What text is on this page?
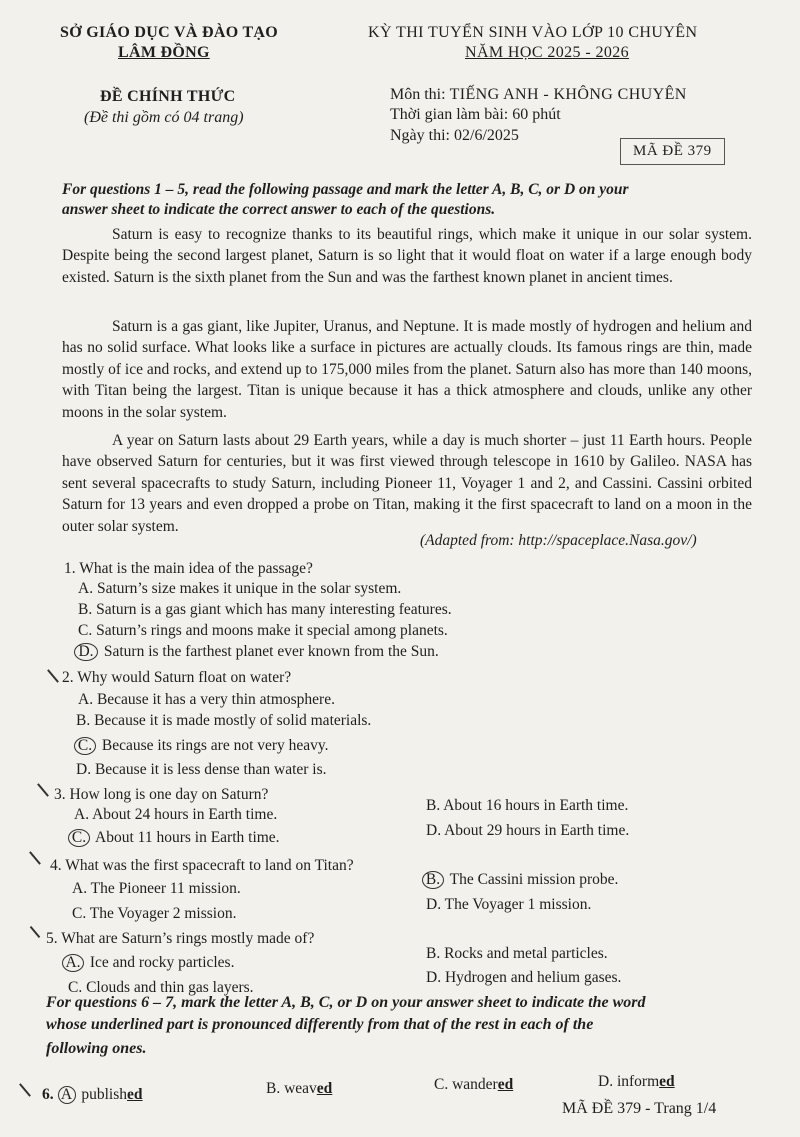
SỞ GIÁO DỤC VÀ ĐÀO TẠO
LÂM ĐỒNG
KỲ THI TUYỂN SINH VÀO LỚP 10 CHUYÊN
NĂM HỌC 2025 - 2026
ĐỀ CHÍNH THỨC
(Đề thi gồm có 04 trang)
Môn thi: TIẾNG ANH - KHÔNG CHUYÊN
Thời gian làm bài: 60 phút
Ngày thi: 02/6/2025
MÃ ĐỀ 379
For questions 1 – 5, read the following passage and mark the letter A, B, C, or D on your
answer sheet to indicate the correct answer to each of the questions.

Saturn is easy to recognize thanks to its beautiful rings, which make it unique in our solar system. Despite being the second largest planet, Saturn is so light that it would float on water if a large enough body existed. Saturn is the sixth planet from the Sun and was the farthest known planet in ancient times.

Saturn is a gas giant, like Jupiter, Uranus, and Neptune. It is made mostly of hydrogen and helium and has no solid surface. What looks like a surface in pictures are actually clouds. Its famous rings are thin, made mostly of ice and rocks, and extend up to 175,000 miles from the planet. Saturn also has more than 140 moons, with Titan being the largest. Titan is unique because it has a thick atmosphere and clouds, unlike any other moons in the solar system.

A year on Saturn lasts about 29 Earth years, while a day is much shorter – just 11 Earth hours. People have observed Saturn for centuries, but it was first viewed through telescope in 1610 by Galileo. NASA has sent several spacecrafts to study Saturn, including Pioneer 11, Voyager 1 and 2, and Cassini. Cassini orbited Saturn for 13 years and even dropped a probe on Titan, making it the first spacecraft to land on a moon in the outer solar system.

(Adapted from: http://spaceplace.Nasa.gov/)
1. What is the main idea of the passage?
A. Saturn’s size makes it unique in the solar system.
B. Saturn is a gas giant which has many interesting features.
C. Saturn’s rings and moons make it special among planets.
D. Saturn is the farthest planet ever known from the Sun.
2. Why would Saturn float on water?
A. Because it has a very thin atmosphere.
B. Because it is made mostly of solid materials.
C. Because its rings are not very heavy.
D. Because it is less dense than water is.
3. How long is one day on Saturn?
A. About 24 hours in Earth time.
B. About 16 hours in Earth time.
C. About 11 hours in Earth time.	D. About 29 hours in Earth time.
4. What was the first spacecraft to land on Titan?
A. The Pioneer 11 mission.
B. The Cassini mission probe.
C. The Voyager 2 mission.
D. The Voyager 1 mission.
5. What are Saturn’s rings mostly made of?
A. Ice and rocky particles.
B. Rocks and metal particles.
C. Clouds and thin gas layers.
D. Hydrogen and helium gases.
For questions 6 – 7, mark the letter A, B, C, or D on your answer sheet to indicate the word
whose underlined part is pronounced differently from that of the rest in each of the
following ones.
6. A published	B. weaved	C. wandered	D. informed
MÃ ĐỀ 379 - Trang 1/4
